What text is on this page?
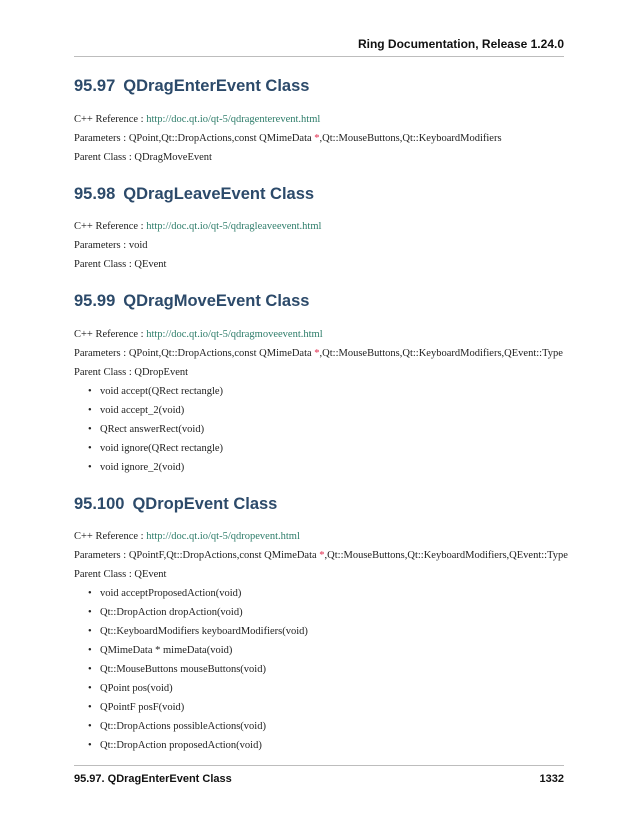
Ring Documentation, Release 1.24.0
95.97 QDragEnterEvent Class
C++ Reference : http://doc.qt.io/qt-5/qdragenterevent.html
Parameters : QPoint,Qt::DropActions,const QMimeData *,Qt::MouseButtons,Qt::KeyboardModifiers
Parent Class : QDragMoveEvent
95.98 QDragLeaveEvent Class
C++ Reference : http://doc.qt.io/qt-5/qdragleaveevent.html
Parameters : void
Parent Class : QEvent
95.99 QDragMoveEvent Class
C++ Reference : http://doc.qt.io/qt-5/qdragmoveevent.html
Parameters : QPoint,Qt::DropActions,const QMimeData *,Qt::MouseButtons,Qt::KeyboardModifiers,QEvent::Type
Parent Class : QDropEvent
• void accept(QRect rectangle)
• void accept_2(void)
• QRect answerRect(void)
• void ignore(QRect rectangle)
• void ignore_2(void)
95.100 QDropEvent Class
C++ Reference : http://doc.qt.io/qt-5/qdropevent.html
Parameters : QPointF,Qt::DropActions,const QMimeData *,Qt::MouseButtons,Qt::KeyboardModifiers,QEvent::Type
Parent Class : QEvent
• void acceptProposedAction(void)
• Qt::DropAction dropAction(void)
• Qt::KeyboardModifiers keyboardModifiers(void)
• QMimeData * mimeData(void)
• Qt::MouseButtons mouseButtons(void)
• QPoint pos(void)
• QPointF posF(void)
• Qt::DropActions possibleActions(void)
• Qt::DropAction proposedAction(void)
95.97. QDragEnterEvent Class	1332
